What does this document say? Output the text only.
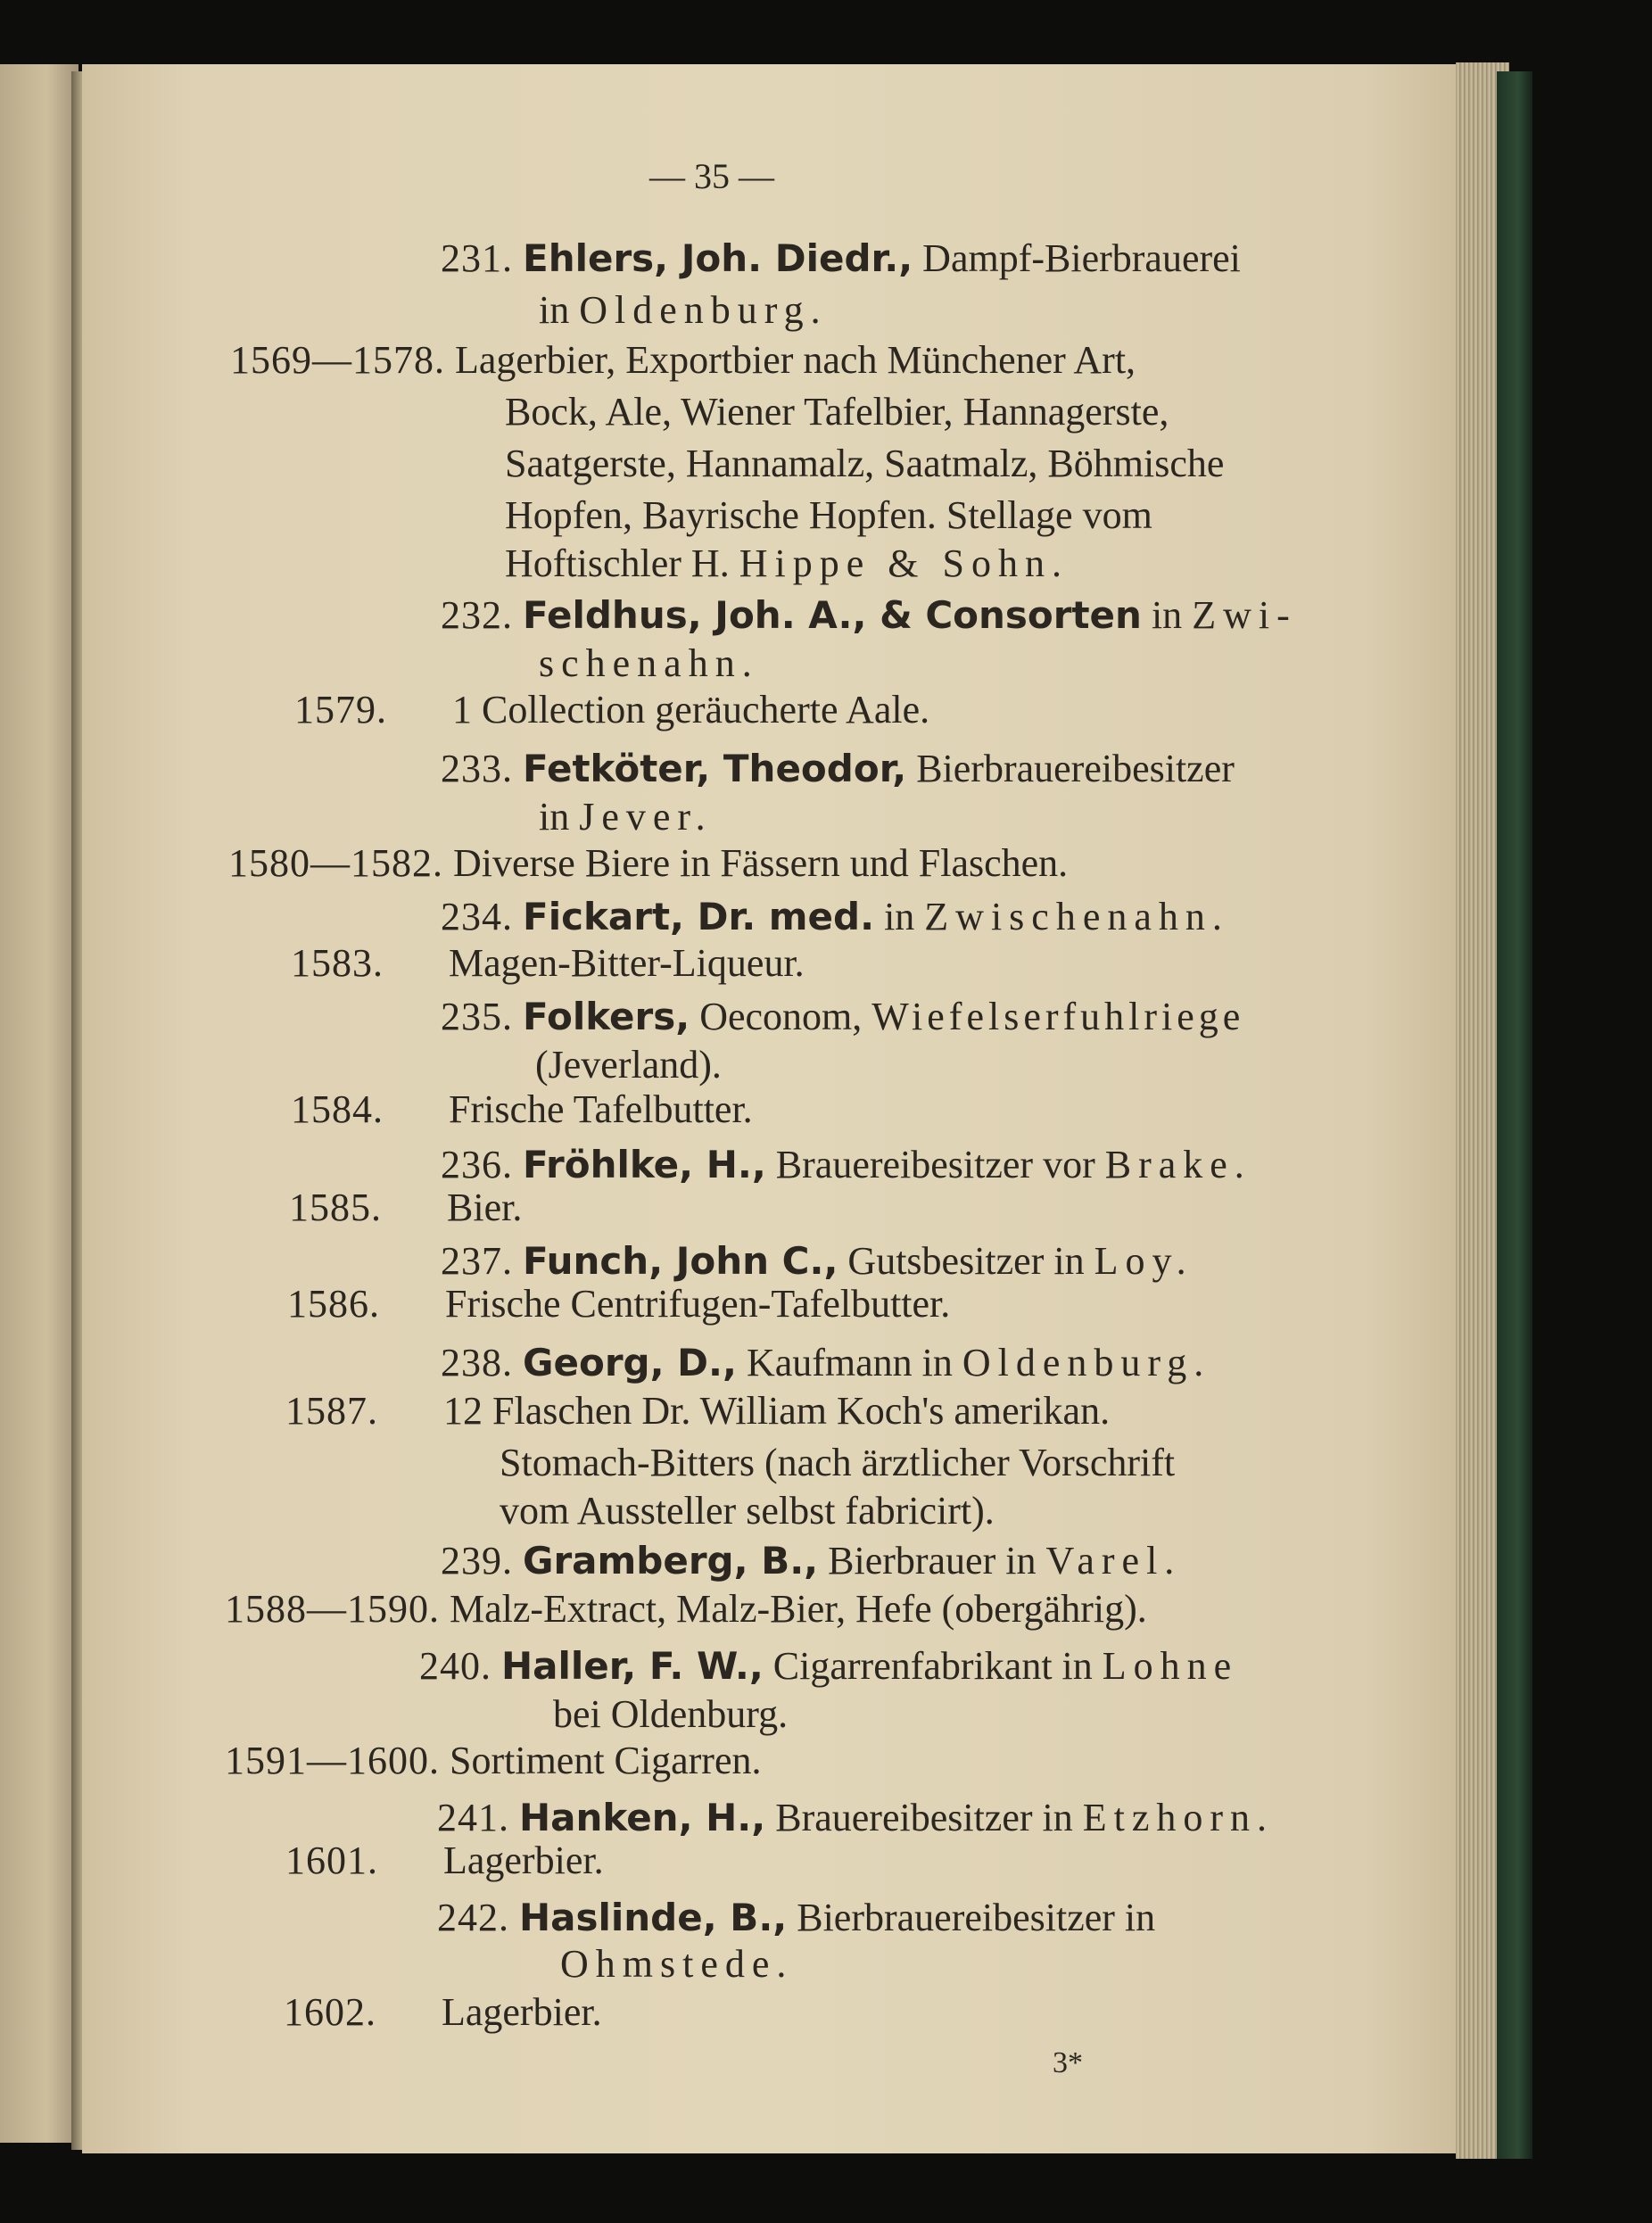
— 35 —
231. Ehlers, Joh. Diedr., Dampf-Bierbrauerei
in Oldenburg.
1569—1578. Lagerbier, Exportbier nach Münchener Art,
Bock, Ale, Wiener Tafelbier, Hannagerste,
Saatgerste, Hannamalz, Saatmalz, Böhmische
Hopfen, Bayrische Hopfen. Stellage vom
Hoftischler H. Hippe & Sohn.
232. Feldhus, Joh. A., & Consorten in Zwi-
schenahn.
1579. 1 Collection geräucherte Aale.
233. Fetköter, Theodor, Bierbrauereibesitzer
in Jever.
1580—1582. Diverse Biere in Fässern und Flaschen.
234. Fickart, Dr. med. in Zwischenahn.
1583. Magen-Bitter-Liqueur.
235. Folkers, Oeconom, Wiefelserfuhlriege
(Jeverland).
1584. Frische Tafelbutter.
236. Fröhlke, H., Brauereibesitzer vor Brake.
1585. Bier.
237. Funch, John C., Gutsbesitzer in Loy.
1586. Frische Centrifugen-Tafelbutter.
238. Georg, D., Kaufmann in Oldenburg.
1587. 12 Flaschen Dr. William Koch's amerikan.
Stomach-Bitters (nach ärztlicher Vorschrift
vom Aussteller selbst fabricirt).
239. Gramberg, B., Bierbrauer in Varel.
1588—1590. Malz-Extract, Malz-Bier, Hefe (obergährig).
240. Haller, F. W., Cigarrenfabrikant in Lohne
bei Oldenburg.
1591—1600. Sortiment Cigarren.
241. Hanken, H., Brauereibesitzer in Etzhorn.
1601. Lagerbier.
242. Haslinde, B., Bierbrauereibesitzer in
Ohmstede.
1602. Lagerbier.
3*
